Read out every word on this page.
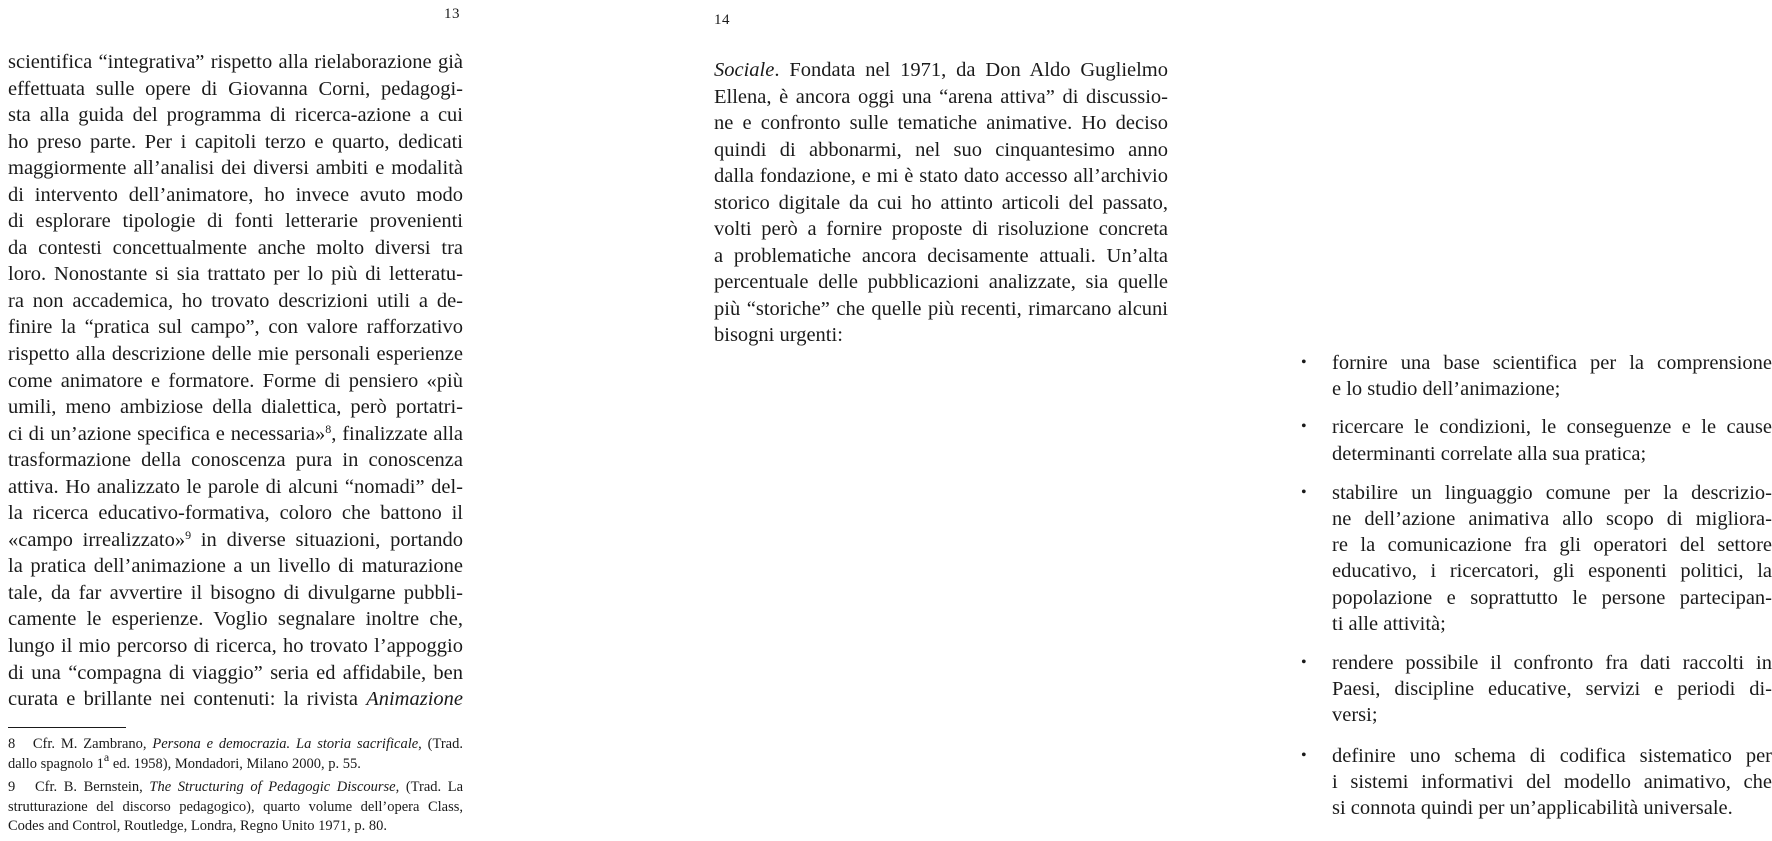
13
scientifica “integrativa” rispetto alla rielaborazione già
effettuata sulle opere di Giovanna Corni, pedagogi-
sta alla guida del programma di ricerca-azione a cui
ho preso parte. Per i capitoli terzo e quarto, dedicati
maggiormente all’analisi dei diversi ambiti e modalità
di intervento dell’animatore, ho invece avuto modo
di esplorare tipologie di fonti letterarie provenienti
da contesti concettualmente anche molto diversi tra
loro. Nonostante si sia trattato per lo più di letteratu-
ra non accademica, ho trovato descrizioni utili a de-
finire la “pratica sul campo”, con valore rafforzativo
rispetto alla descrizione delle mie personali esperienze
come animatore e formatore. Forme di pensiero «più
umili, meno ambiziose della dialettica, però portatri-
ci di un’azione specifica e necessaria»$^8$, finalizzate alla
trasformazione della conoscenza pura in conoscenza
attiva. Ho analizzato le parole di alcuni “nomadi” del-
la ricerca educativo-formativa, coloro che battono il
«campo irrealizzato»$^9$ in diverse situazioni, portando
la pratica dell’animazione a un livello di maturazione
tale, da far avvertire il bisogno di divulgarne pubbli-
camente le esperienze. Voglio segnalare inoltre che,
lungo il mio percorso di ricerca, ho trovato l’appoggio
di una “compagna di viaggio” seria ed affidabile, ben
curata e brillante nei contenuti: la rivista Animazione
8 Cfr. M. Zambrano, Persona e democrazia. La storia sacrificale, (Trad.
dallo spagnolo 1$^a$ ed. 1958), Mondadori, Milano 2000, p. 55.
9 Cfr. B. Bernstein, The Structuring of Pedagogic Discourse, (Trad. La
strutturazione del discorso pedagogico), quarto volume dell’opera Class,
Codes and Control, Routledge, Londra, Regno Unito 1971, p. 80.
14
Sociale. Fondata nel 1971, da Don Aldo Guglielmo
Ellena, è ancora oggi una “arena attiva” di discussio-
ne e confronto sulle tematiche animative. Ho deciso
quindi di abbonarmi, nel suo cinquantesimo anno
dalla fondazione, e mi è stato dato accesso all’archivio
storico digitale da cui ho attinto articoli del passato,
volti però a fornire proposte di risoluzione concreta
a problematiche ancora decisamente attuali. Un’alta
percentuale delle pubblicazioni analizzate, sia quelle
più “storiche” che quelle più recenti, rimarcano alcuni
bisogni urgenti:
• fornire una base scientifica per la comprensione
e lo studio dell’animazione;
• ricercare le condizioni, le conseguenze e le cause
determinanti correlate alla sua pratica;
• stabilire un linguaggio comune per la descrizio-
ne dell’azione animativa allo scopo di migliora-
re la comunicazione fra gli operatori del settore
educativo, i ricercatori, gli esponenti politici, la
popolazione e soprattutto le persone partecipan-
ti alle attività;
• rendere possibile il confronto fra dati raccolti in
Paesi, discipline educative, servizi e periodi di-
versi;
• definire uno schema di codifica sistematico per
i sistemi informativi del modello animativo, che
si connota quindi per un’applicabilità universale.
